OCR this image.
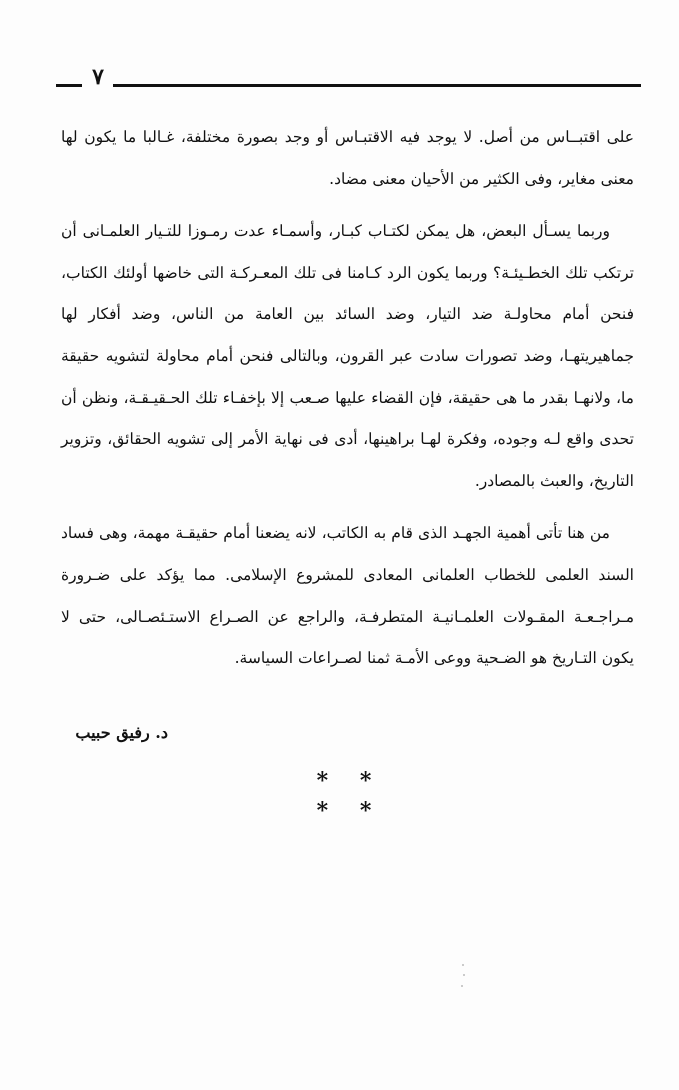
٧

على اقتبــاس من أصل. لا يوجد فيه الاقتبـاس أو وجد بصورة مختلفة، غـالبا ما يكون لها معنى مغاير، وفى الكثير من الأحيان معنى مضاد.

وربما يسـأل البعض، هل يمكن لكتـاب كبـار، وأسمـاء عدت رمـوزا للتـيار العلمـانى أن ترتكب تلك الخطـيئـة؟ وربما يكون الرد كـامنا فى تلك المعـركـة التى خاضها أولئك الكتاب، فنحن أمام محاولـة ضد التيار، وضد السائد بين العامة من الناس، وضد أفكار لها جماهيريتهـا، وضد تصورات سادت عبر القرون، وبالتالى فنحن أمام محاولة لتشويه حقيقة ما، ولانهـا بقدر ما هى حقيقة، فإن القضاء عليها صـعب إلا بإخفـاء تلك الحـقيـقـة، ونظن أن تحدى واقع لـه وجوده، وفكرة لهـا براهينها، أدى فى نهاية الأمر إلى تشويه الحقائق، وتزوير التاريخ، والعبث بالمصادر.

من هنا تأتى أهمية الجهـد الذى قام به الكاتب، لانه يضعنا أمام حقيقـة مهمة، وهى فساد السند العلمى للخطاب العلمانى المعادى للمشروع الإسلامى. مما يؤكد على ضـرورة مـراجـعـة المقـولات العلمـانيـة المتطرفـة، والراجع عن الصـراع الاستـئصـالى، حتى لا يكون التـاريخ هو الضـحية ووعى الأمـة ثمنا لصـراعات السياسة.

د. رفيق حبيب
* * * *
